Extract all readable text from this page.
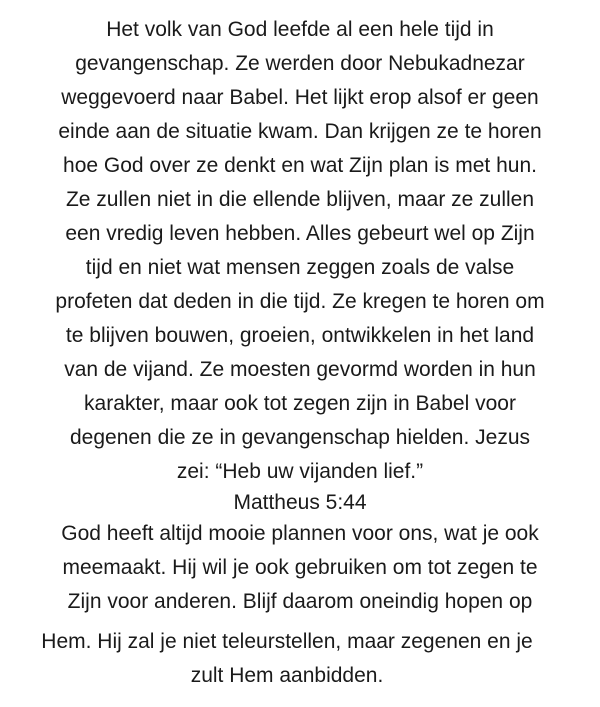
Het volk van God leefde al een hele tijd in
gevangenschap. Ze werden door Nebukadnezar
weggevoerd naar Babel. Het lijkt erop alsof er geen
einde aan de situatie kwam. Dan krijgen ze te horen
hoe God over ze denkt en wat Zijn plan is met hun.
Ze zullen niet in die ellende blijven, maar ze zullen
een vredig leven hebben. Alles gebeurt wel op Zijn
tijd en niet wat mensen zeggen zoals de valse
profeten dat deden in die tijd. Ze kregen te horen om
te blijven bouwen, groeien, ontwikkelen in het land
van de vijand. Ze moesten gevormd worden in hun
karakter, maar ook tot zegen zijn in Babel voor
degenen die ze in gevangenschap hielden. Jezus
zei: “Heb uw vijanden lief.”
Mattheus 5:44
God heeft altijd mooie plannen voor ons, wat je ook
meemaakt. Hij wil je ook gebruiken om tot zegen te
Zijn voor anderen. Blijf daarom oneindig hopen op
Hem. Hij zal je niet teleurstellen, maar zegenen en je
zult Hem aanbidden.
